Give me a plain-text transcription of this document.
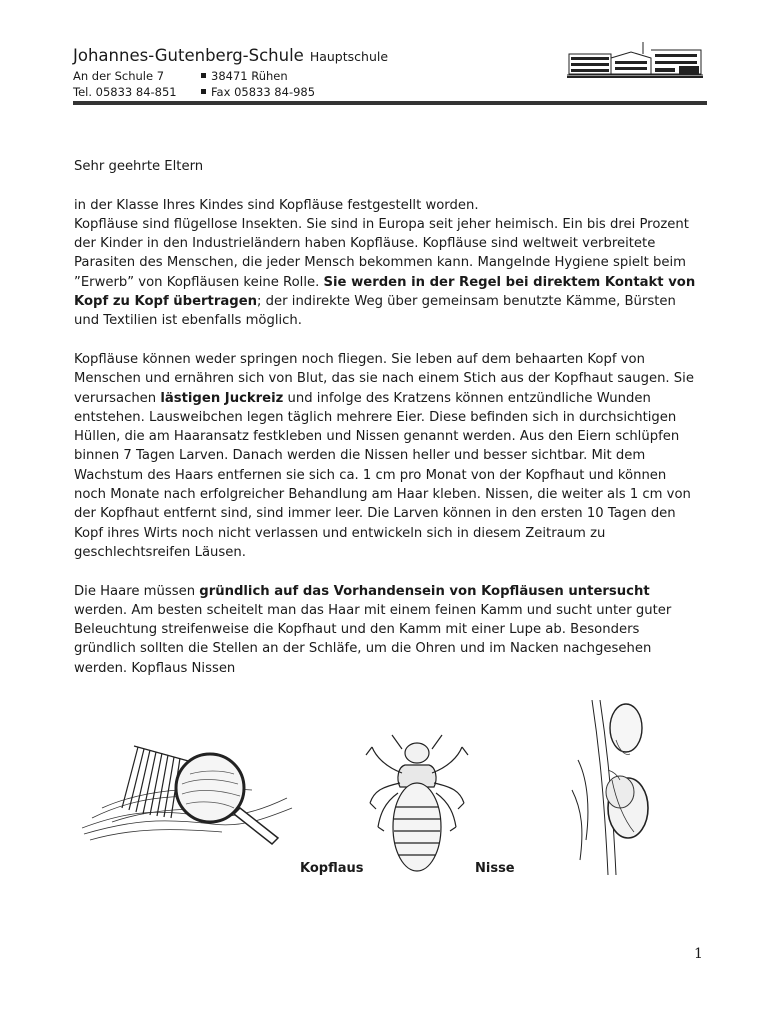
Johannes-Gutenberg-Schule Hauptschule
An der Schule 7	38471 Rühen
Tel. 05833 84-851	Fax 05833 84-985

Sehr geehrte Eltern

in der Klasse Ihres Kindes sind Kopfläuse festgestellt worden.
Kopfläuse sind flügellose Insekten. Sie sind in Europa seit jeher heimisch. Ein bis drei Prozent der Kinder in den Industrieländern haben Kopfläuse. Kopfläuse sind weltweit verbreitete Parasiten des Menschen, die jeder Mensch bekommen kann. Mangelnde Hygiene spielt beim ”Erwerb” von Kopfläusen keine Rolle. Sie werden in der Regel bei direktem Kontakt von Kopf zu Kopf übertragen; der indirekte Weg über gemeinsam benutzte Kämme, Bürsten und Textilien ist ebenfalls möglich.

Kopfläuse können weder springen noch fliegen. Sie leben auf dem behaarten Kopf von Menschen und ernähren sich von Blut, das sie nach einem Stich aus der Kopfhaut saugen. Sie verursachen lästigen Juckreiz und infolge des Kratzens können entzündliche Wunden entstehen. Lausweibchen legen täglich mehrere Eier. Diese befinden sich in durchsichtigen Hüllen, die am Haaransatz festkleben und Nissen genannt werden. Aus den Eiern schlüpfen binnen 7 Tagen Larven. Danach werden die Nissen heller und besser sichtbar. Mit dem Wachstum des Haars entfernen sie sich ca. 1 cm pro Monat von der Kopfhaut und können noch Monate nach erfolgreicher Behandlung am Haar kleben. Nissen, die weiter als 1 cm von der Kopfhaut entfernt sind, sind immer leer. Die Larven können in den ersten 10 Tagen den Kopf ihres Wirts noch nicht verlassen und entwickeln sich in diesem Zeitraum zu geschlechtsreifen Läusen.

Die Haare müssen gründlich auf das Vorhandensein von Kopfläusen untersucht werden. Am besten scheitelt man das Haar mit einem feinen Kamm und sucht unter guter Beleuchtung streifenweise die Kopfhaut und den Kamm mit einer Lupe ab. Besonders gründlich sollten die Stellen an der Schläfe, um die Ohren und im Nacken nachgesehen werden. Kopflaus Nissen

Kopflaus	Nisse
1
